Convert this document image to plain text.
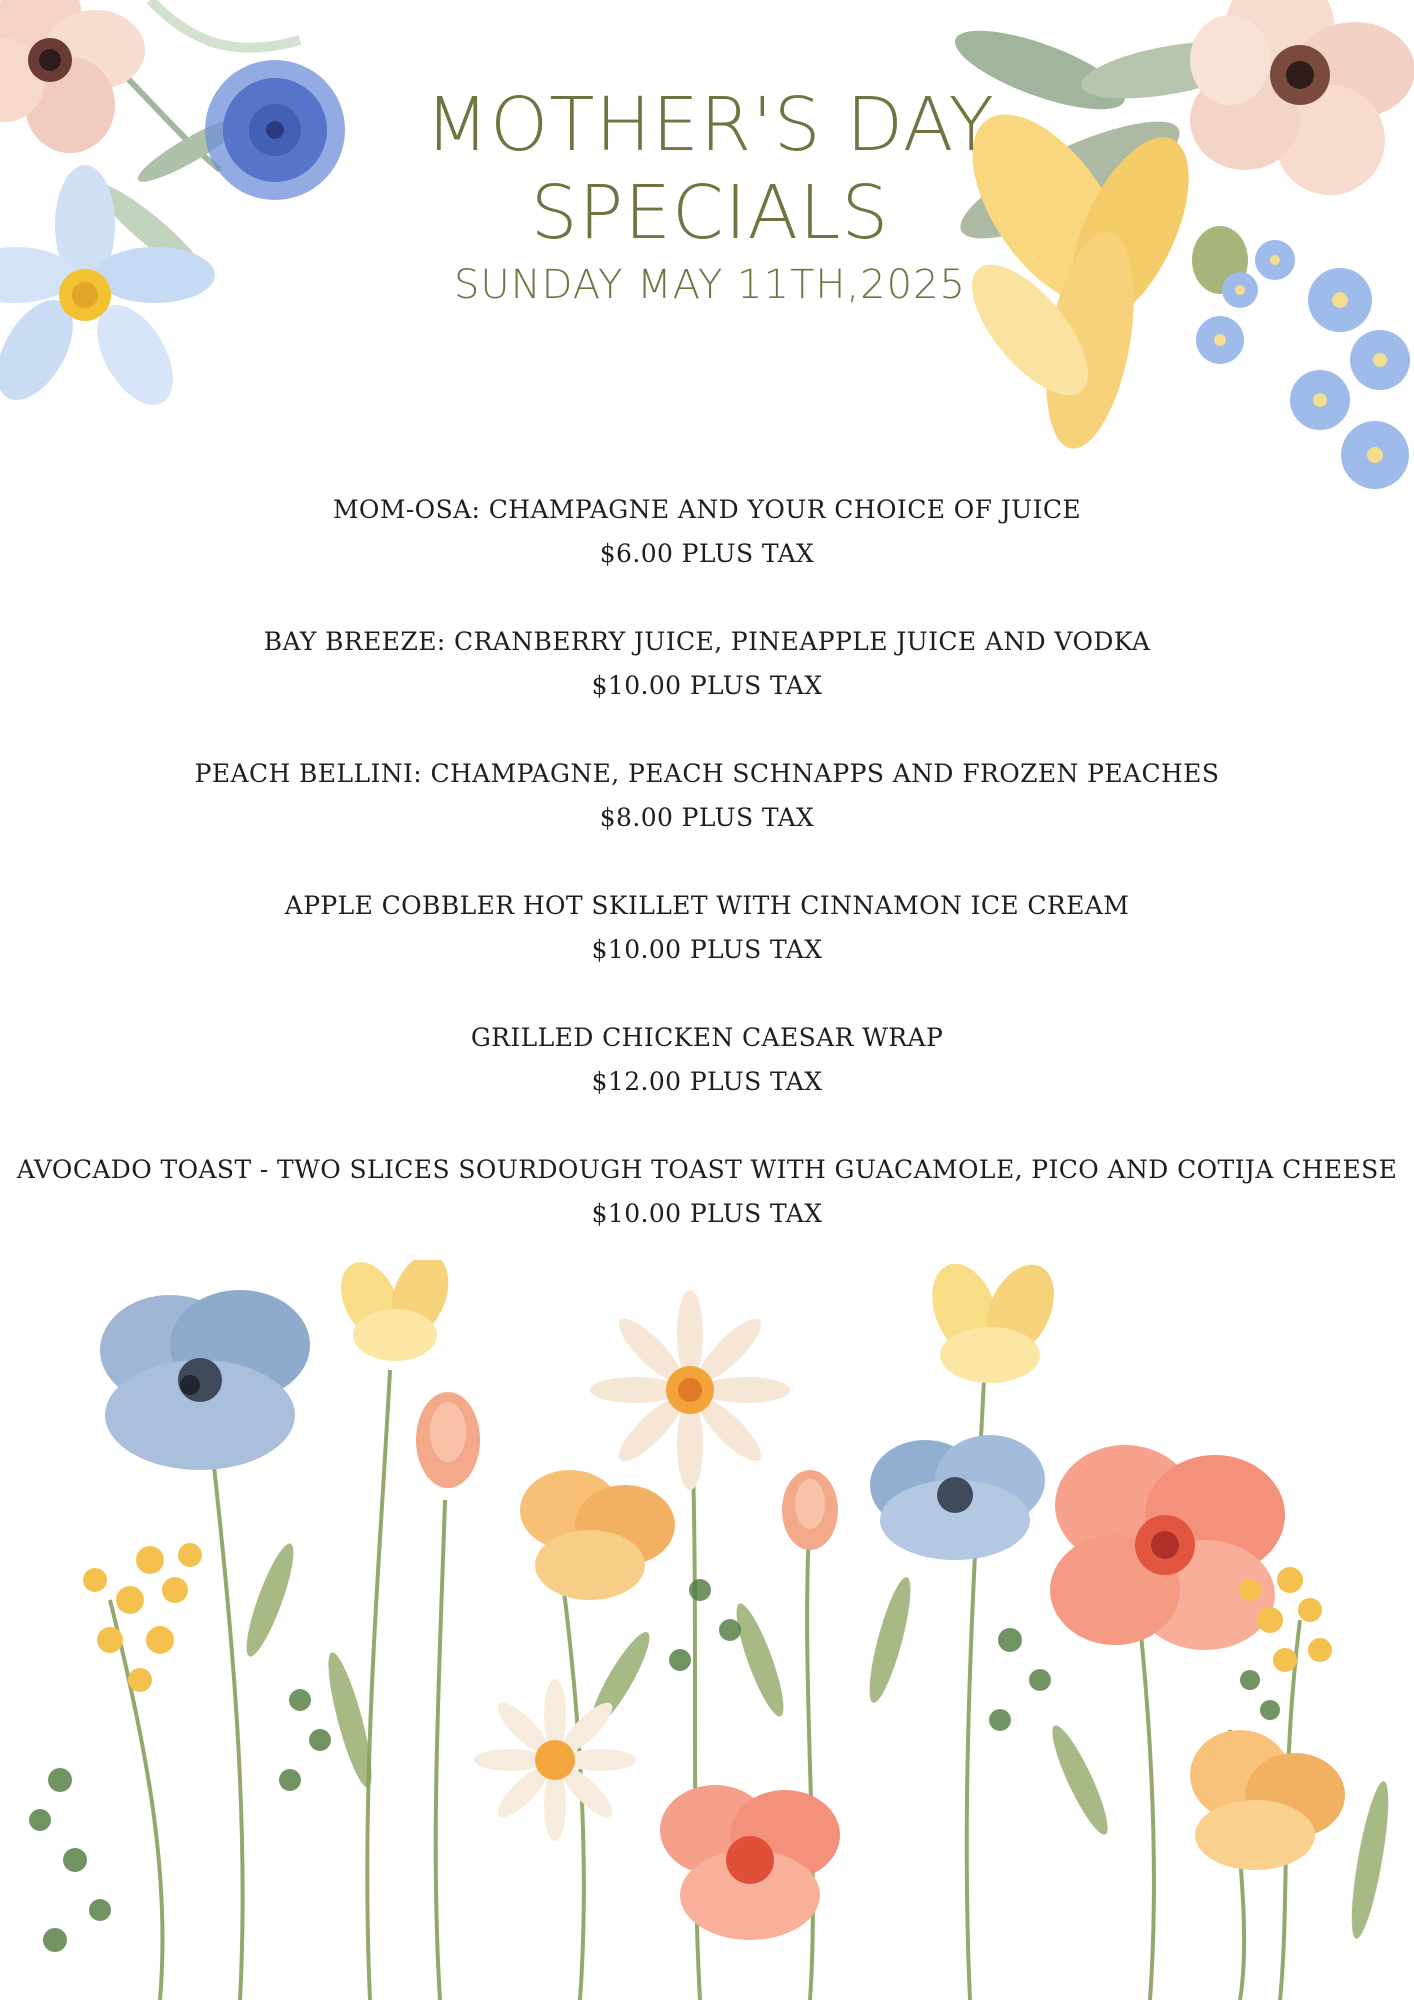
MOTHER'S DAY
SPECIALS
SUNDAY MAY 11TH,2025
MOM-OSA: CHAMPAGNE AND YOUR CHOICE OF JUICE
$6.00 PLUS TAX
BAY BREEZE: CRANBERRY JUICE, PINEAPPLE JUICE AND VODKA
$10.00 PLUS TAX
PEACH BELLINI: CHAMPAGNE, PEACH SCHNAPPS AND FROZEN PEACHES
$8.00 PLUS TAX
APPLE COBBLER HOT SKILLET WITH CINNAMON ICE CREAM
$10.00 PLUS TAX
GRILLED CHICKEN CAESAR WRAP
$12.00 PLUS TAX
AVOCADO TOAST - TWO SLICES SOURDOUGH TOAST WITH GUACAMOLE, PICO AND COTIJA CHEESE
$10.00 PLUS TAX
